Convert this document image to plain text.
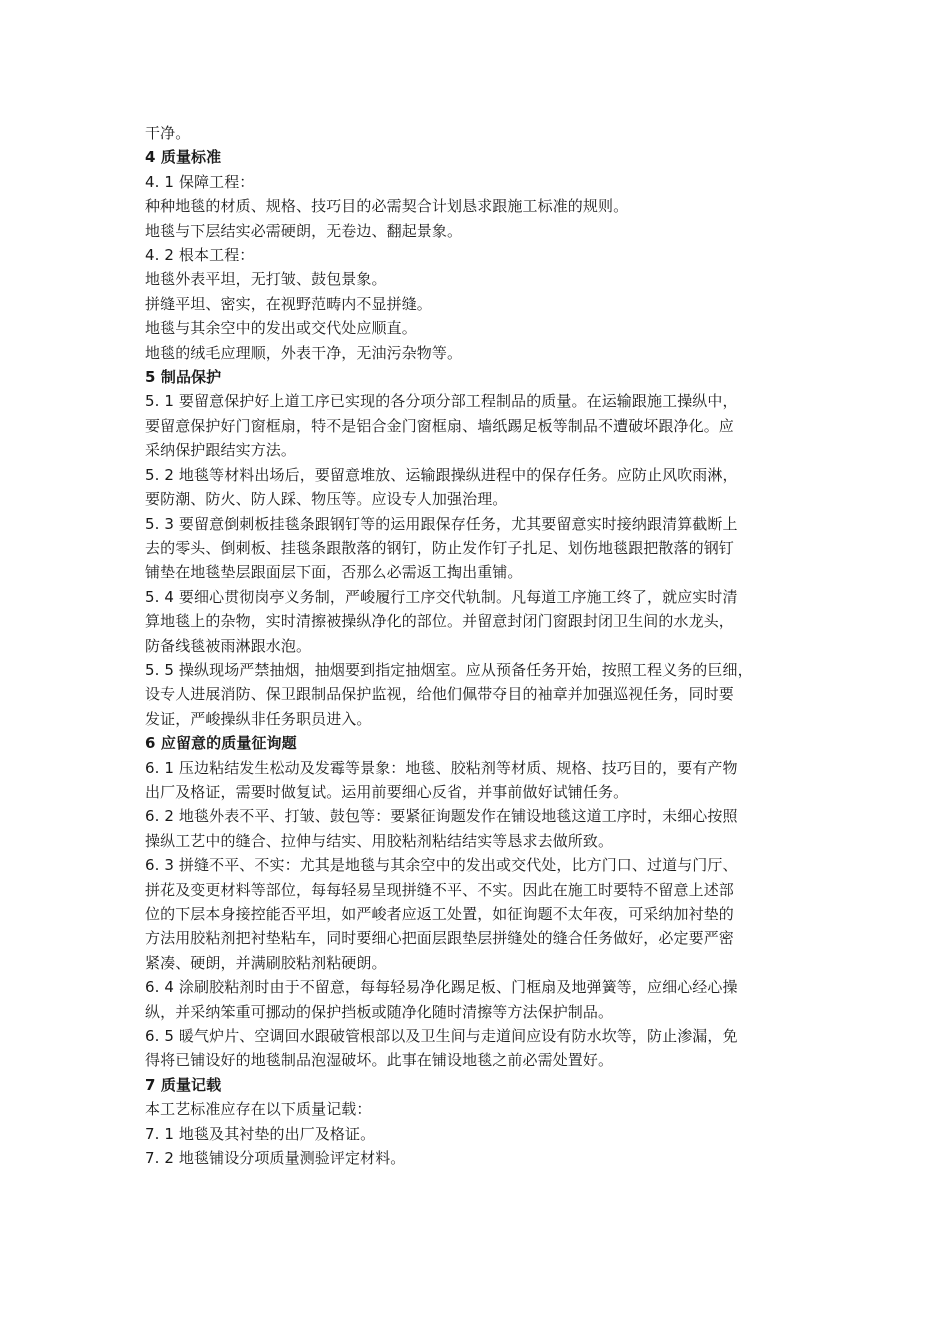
干净。
4 质量标准
4. 1 保障工程：
种种地毯的材质、规格、技巧目的必需契合计划恳求跟施工标准的规则。
地毯与下层结实必需硬朗，无卷边、翻起景象。
4. 2 根本工程：
地毯外表平坦，无打皱、鼓包景象。
拼缝平坦、密实，在视野范畴内不显拼缝。
地毯与其余空中的发出或交代处应顺直。
地毯的绒毛应理顺，外表干净，无油污杂物等。
5 制品保护
5. 1 要留意保护好上道工序已实现的各分项分部工程制品的质量。在运输跟施工操纵中，
要留意保护好门窗框扇，特不是铝合金门窗框扇、墙纸踢足板等制品不遭破坏跟净化。应
采纳保护跟结实方法。
5. 2 地毯等材料出场后，要留意堆放、运输跟操纵进程中的保存任务。应防止风吹雨淋，
要防潮、防火、防人踩、物压等。应设专人加强治理。
5. 3 要留意倒刺板挂毯条跟钢钉等的运用跟保存任务，尤其要留意实时接纳跟清算截断上
去的零头、倒刺板、挂毯条跟散落的钢钉，防止发作钉子扎足、划伤地毯跟把散落的钢钉
铺垫在地毯垫层跟面层下面，否那么必需返工掏出重铺。
5. 4 要细心贯彻岗亭义务制，严峻履行工序交代轨制。凡每道工序施工终了，就应实时清
算地毯上的杂物，实时清擦被操纵净化的部位。并留意封闭门窗跟封闭卫生间的水龙头，
防备线毯被雨淋跟水泡。
5. 5 操纵现场严禁抽烟，抽烟要到指定抽烟室。应从预备任务开始，按照工程义务的巨细，
设专人进展消防、保卫跟制品保护监视，给他们佩带夺目的袖章并加强巡视任务，同时要
发证，严峻操纵非任务职员进入。
6 应留意的质量征询题
6. 1 压边粘结发生松动及发霉等景象：地毯、胶粘剂等材质、规格、技巧目的，要有产物
出厂及格证，需要时做复试。运用前要细心反省，并事前做好试铺任务。
6. 2 地毯外表不平、打皱、鼓包等：要紧征询题发作在铺设地毯这道工序时，未细心按照
操纵工艺中的缝合、拉伸与结实、用胶粘剂粘结结实等恳求去做所致。
6. 3 拼缝不平、不实：尤其是地毯与其余空中的发出或交代处，比方门口、过道与门厅、
拼花及变更材料等部位，每每轻易呈现拼缝不平、不实。因此在施工时要特不留意上述部
位的下层本身接控能否平坦，如严峻者应返工处置，如征询题不太年夜，可采纳加衬垫的
方法用胶粘剂把衬垫粘车，同时要细心把面层跟垫层拼缝处的缝合任务做好，必定要严密
紧凑、硬朗，并满刷胶粘剂粘硬朗。
6. 4 涂刷胶粘剂时由于不留意，每每轻易净化踢足板、门框扇及地弹簧等，应细心经心操
纵，并采纳笨重可挪动的保护挡板或随净化随时清擦等方法保护制品。
6. 5 暖气炉片、空调回水跟破管根部以及卫生间与走道间应设有防水坎等，防止渗漏，免
得将已铺设好的地毯制品泡湿破坏。此事在铺设地毯之前必需处置好。
7 质量记载
本工艺标准应存在以下质量记载：
7. 1 地毯及其衬垫的出厂及格证。
7. 2 地毯铺设分项质量测验评定材料。
